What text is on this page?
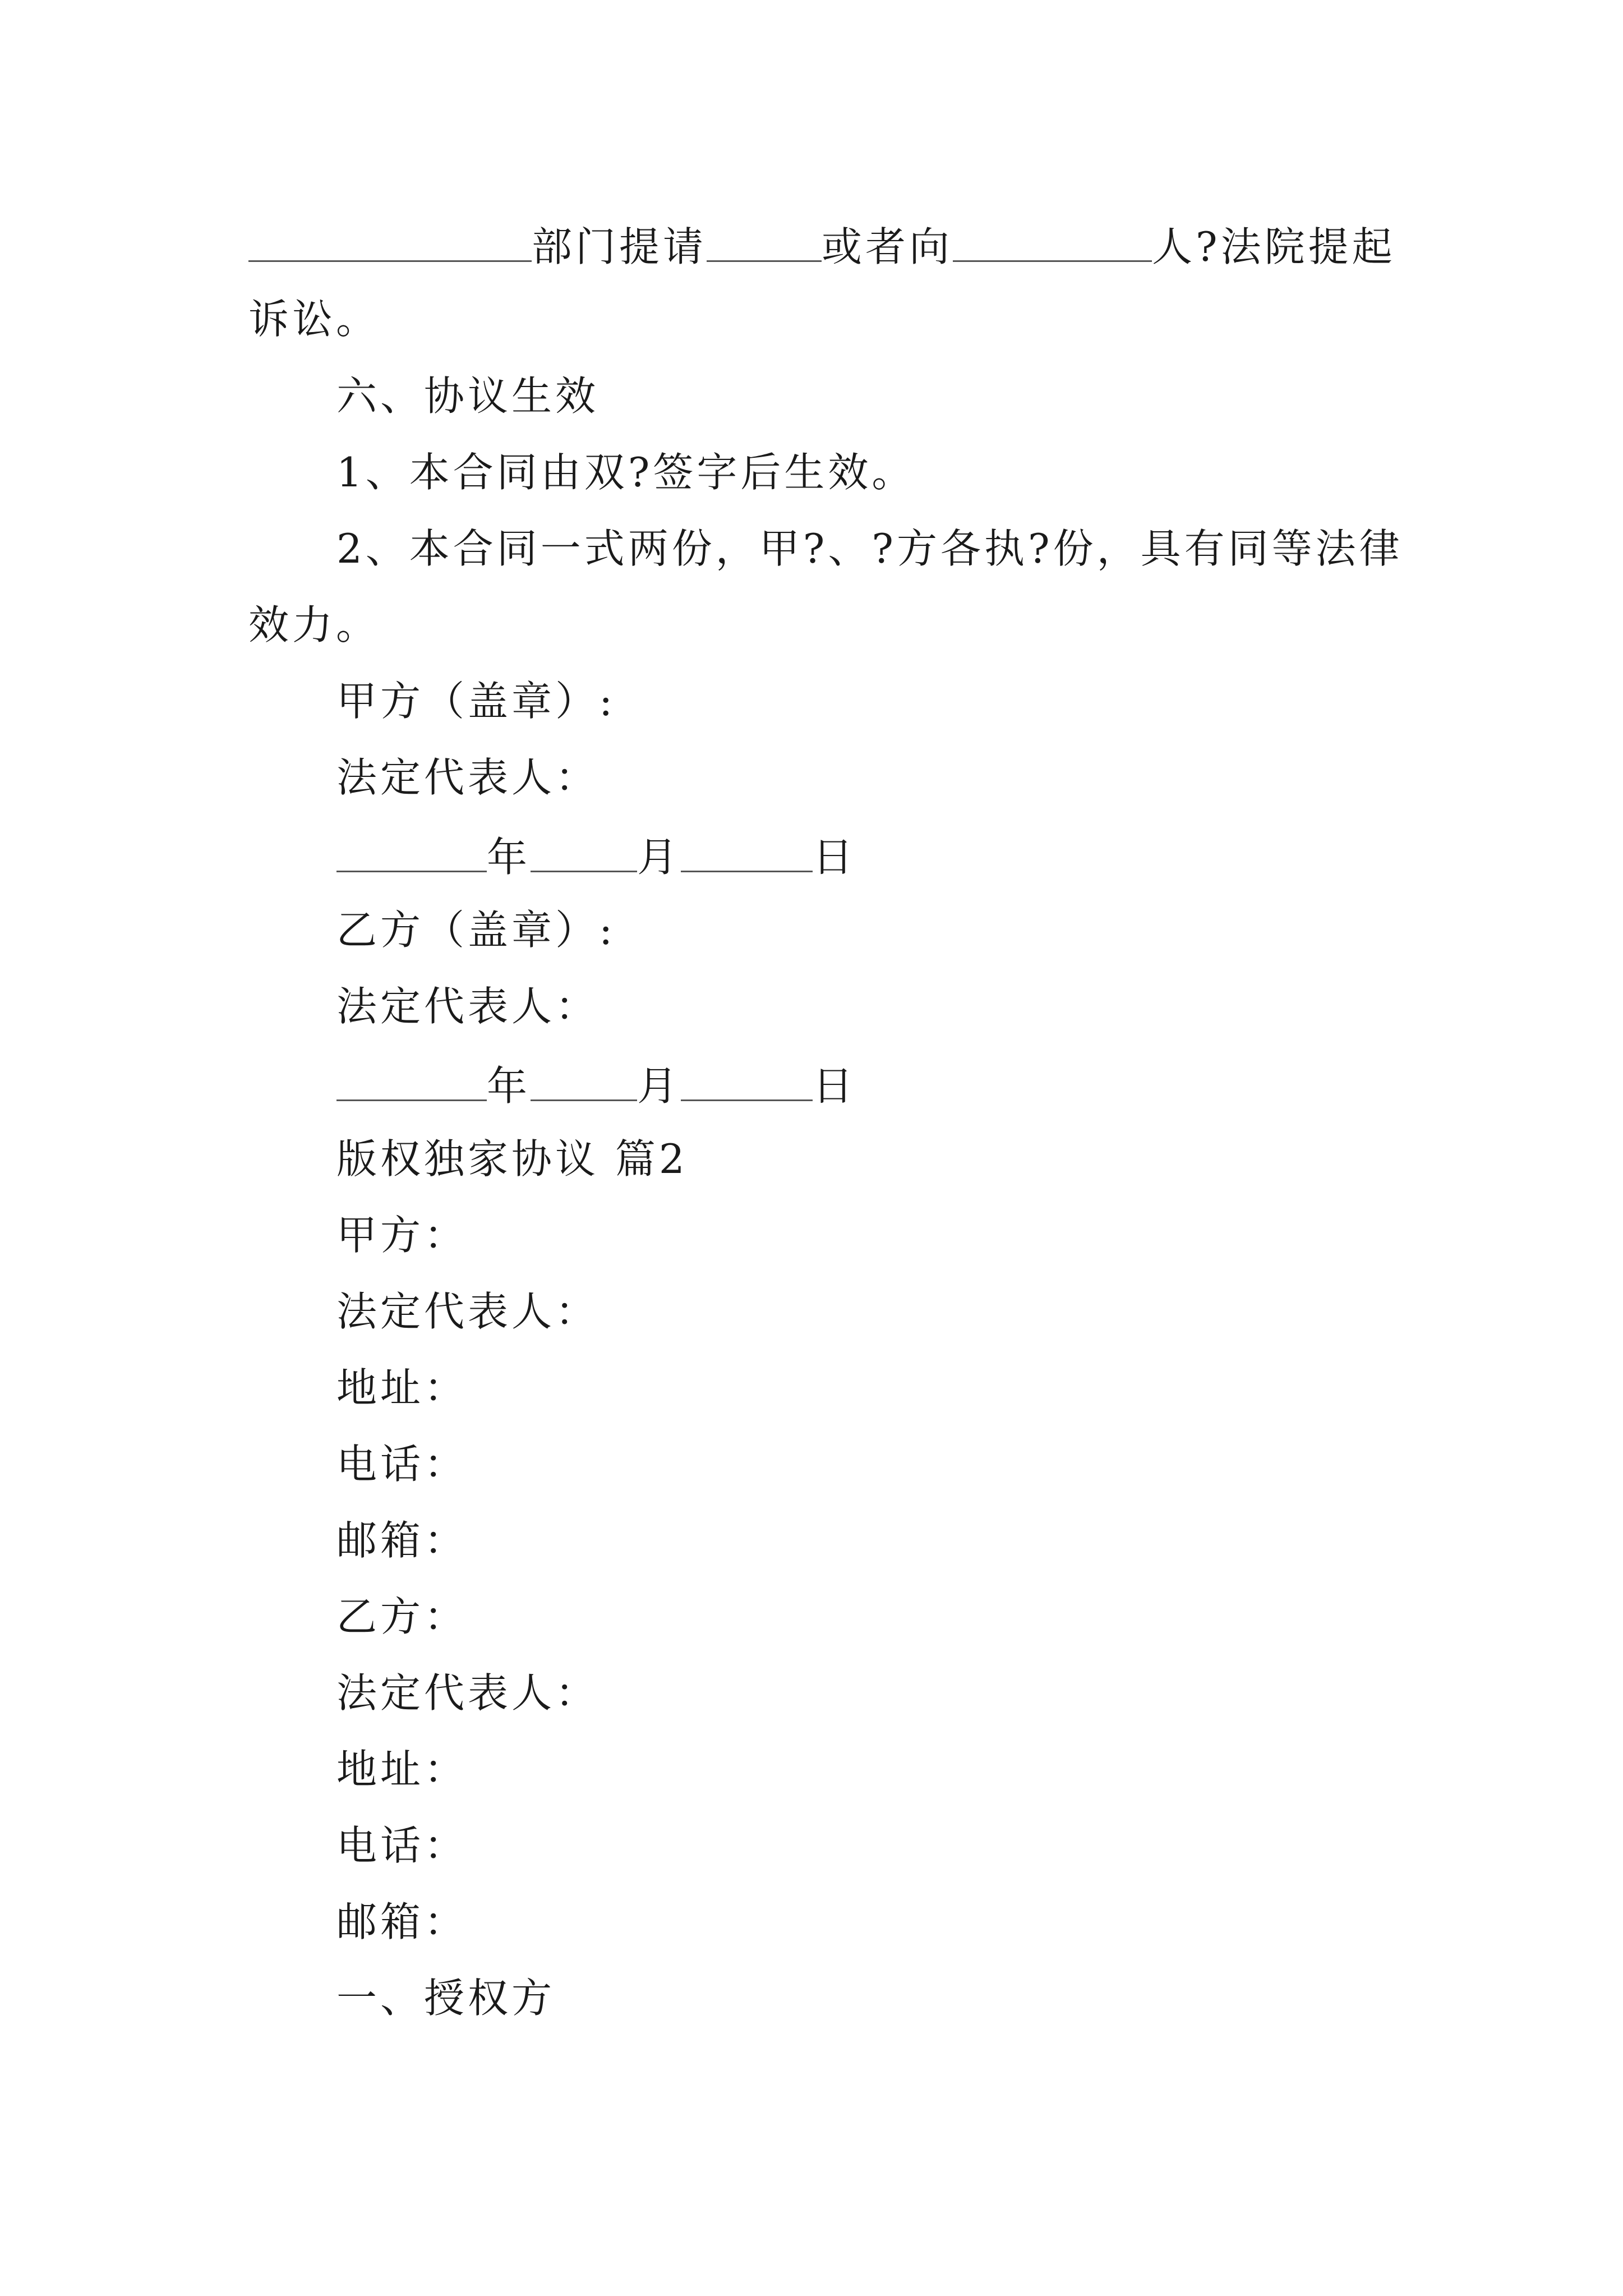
部门提请	或者向	人?法院提起
诉讼。
六、协议生效
1、本合同由双?签字后生效。
2、本合同一式两份，甲?、?方各执?份，具有同等法律
效力。
甲方（盖章）:
法定代表人：
年	月	日
乙方（盖章）:
法定代表人：
年	月	日
版权独家协议 篇2
甲方：
法定代表人：
地址：
电话：
邮箱：
乙方：
法定代表人：
地址：
电话：
邮箱：
一、授权方
